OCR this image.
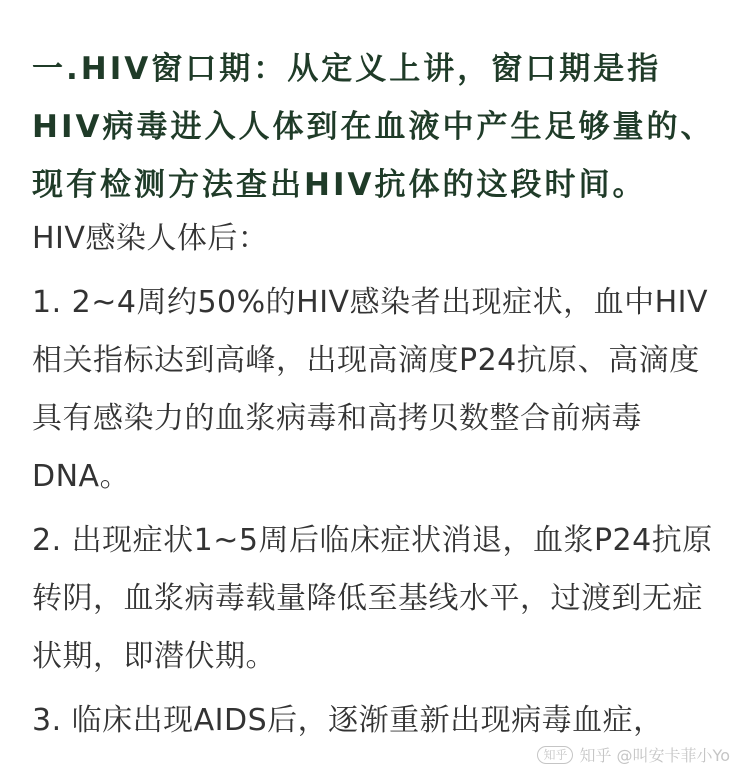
一.HIV窗口期：从定义上讲，窗口期是指HIV病毒进入人体到在血液中产生足够量的、现有检测方法查出HIV抗体的这段时间。

HIV感染人体后：

1. 2~4周约50%的HIV感染者出现症状，血中HIV相关指标达到高峰，出现高滴度P24抗原、高滴度具有感染力的血浆病毒和高拷贝数整合前病毒DNA。

2. 出现症状1~5周后临床症状消退，血浆P24抗原转阴，血浆病毒载量降低至基线水平，过渡到无症状期，即潜伏期。

3. 临床出现AIDS后，逐渐重新出现病毒血症，

知乎 知乎 @叫安卡菲小Yo
